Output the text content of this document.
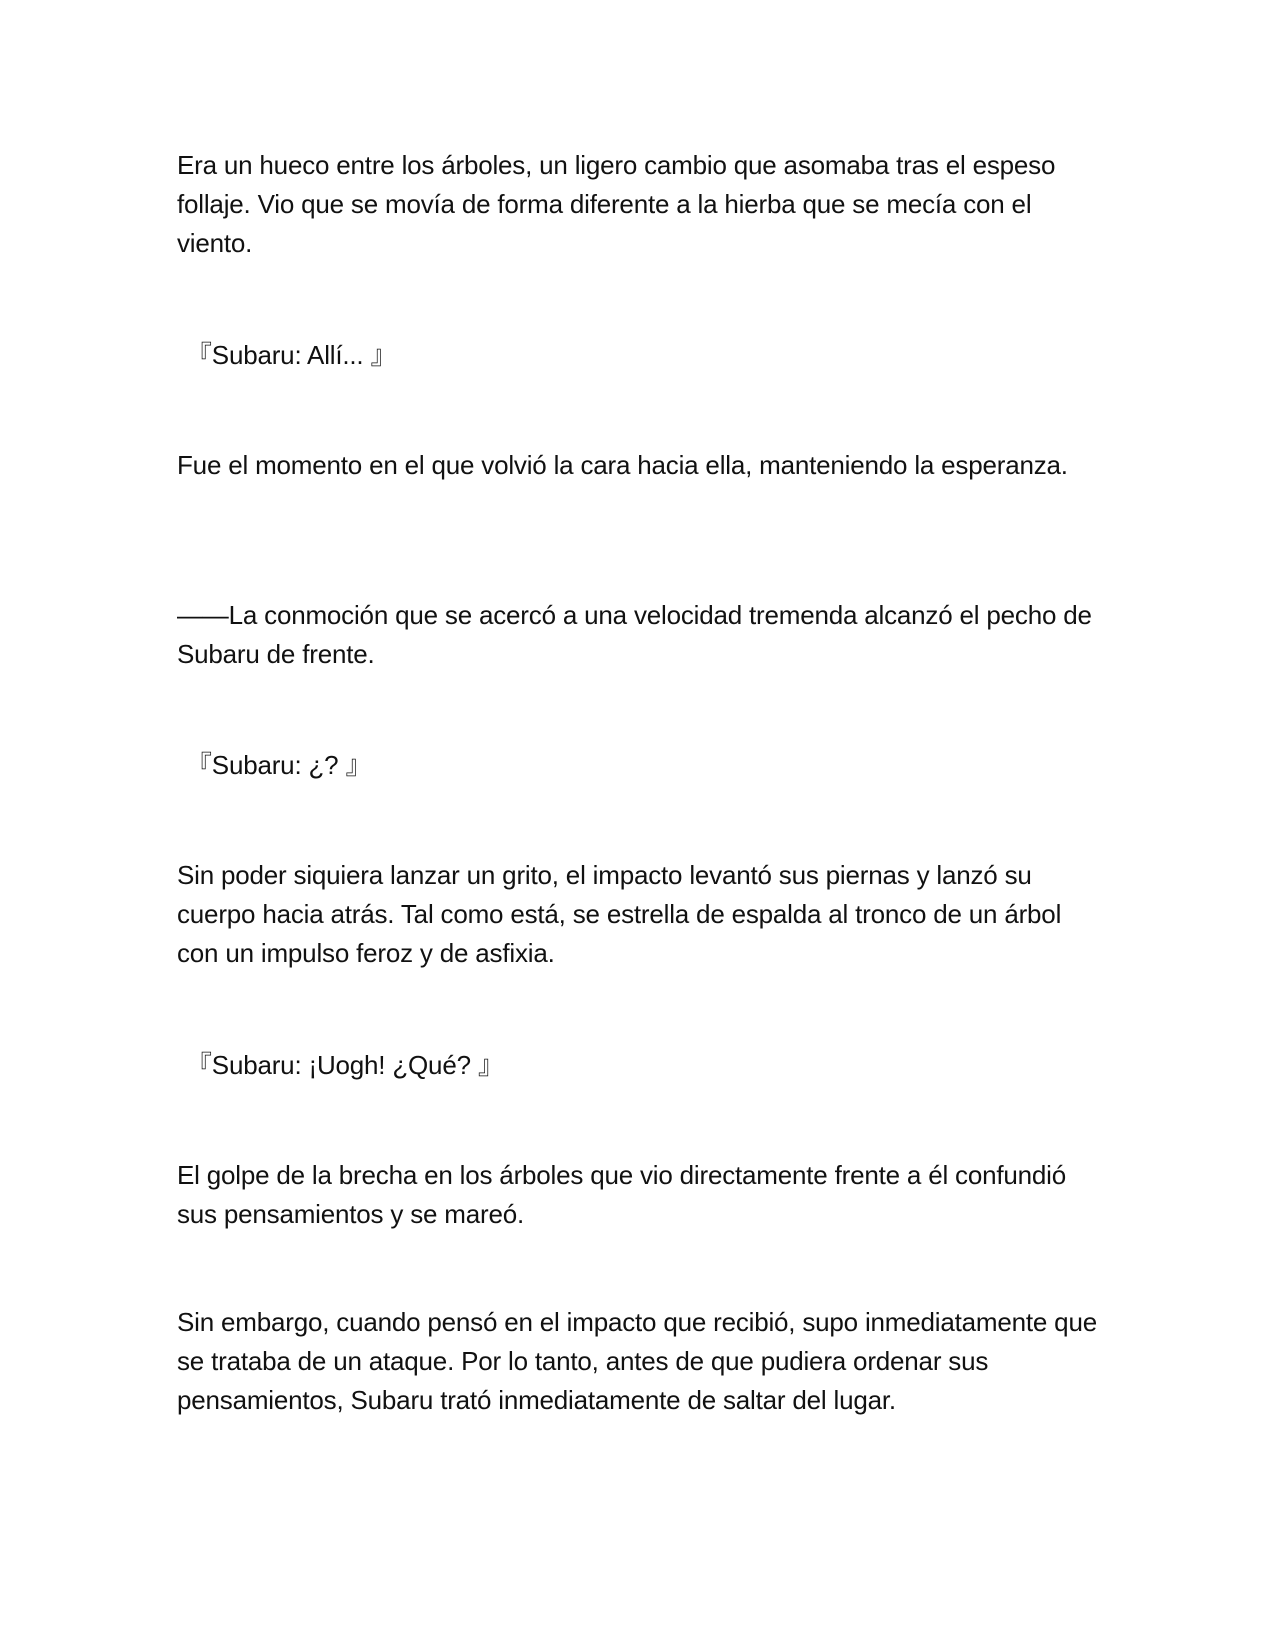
Era un hueco entre los árboles, un ligero cambio que asomaba tras el espeso follaje. Vio que se movía de forma diferente a la hierba que se mecía con el viento.

『Subaru: Allí... 』

Fue el momento en el que volvió la cara hacia ella, manteniendo la esperanza.

——La conmoción que se acercó a una velocidad tremenda alcanzó el pecho de Subaru de frente.

『Subaru: ¿? 』

Sin poder siquiera lanzar un grito, el impacto levantó sus piernas y lanzó su cuerpo hacia atrás. Tal como está, se estrella de espalda al tronco de un árbol con un impulso feroz y de asfixia.

『Subaru: ¡Uogh! ¿Qué? 』

El golpe de la brecha en los árboles que vio directamente frente a él confundió sus pensamientos y se mareó.

Sin embargo, cuando pensó en el impacto que recibió, supo inmediatamente que se trataba de un ataque. Por lo tanto, antes de que pudiera ordenar sus pensamientos, Subaru trató inmediatamente de saltar del lugar.
